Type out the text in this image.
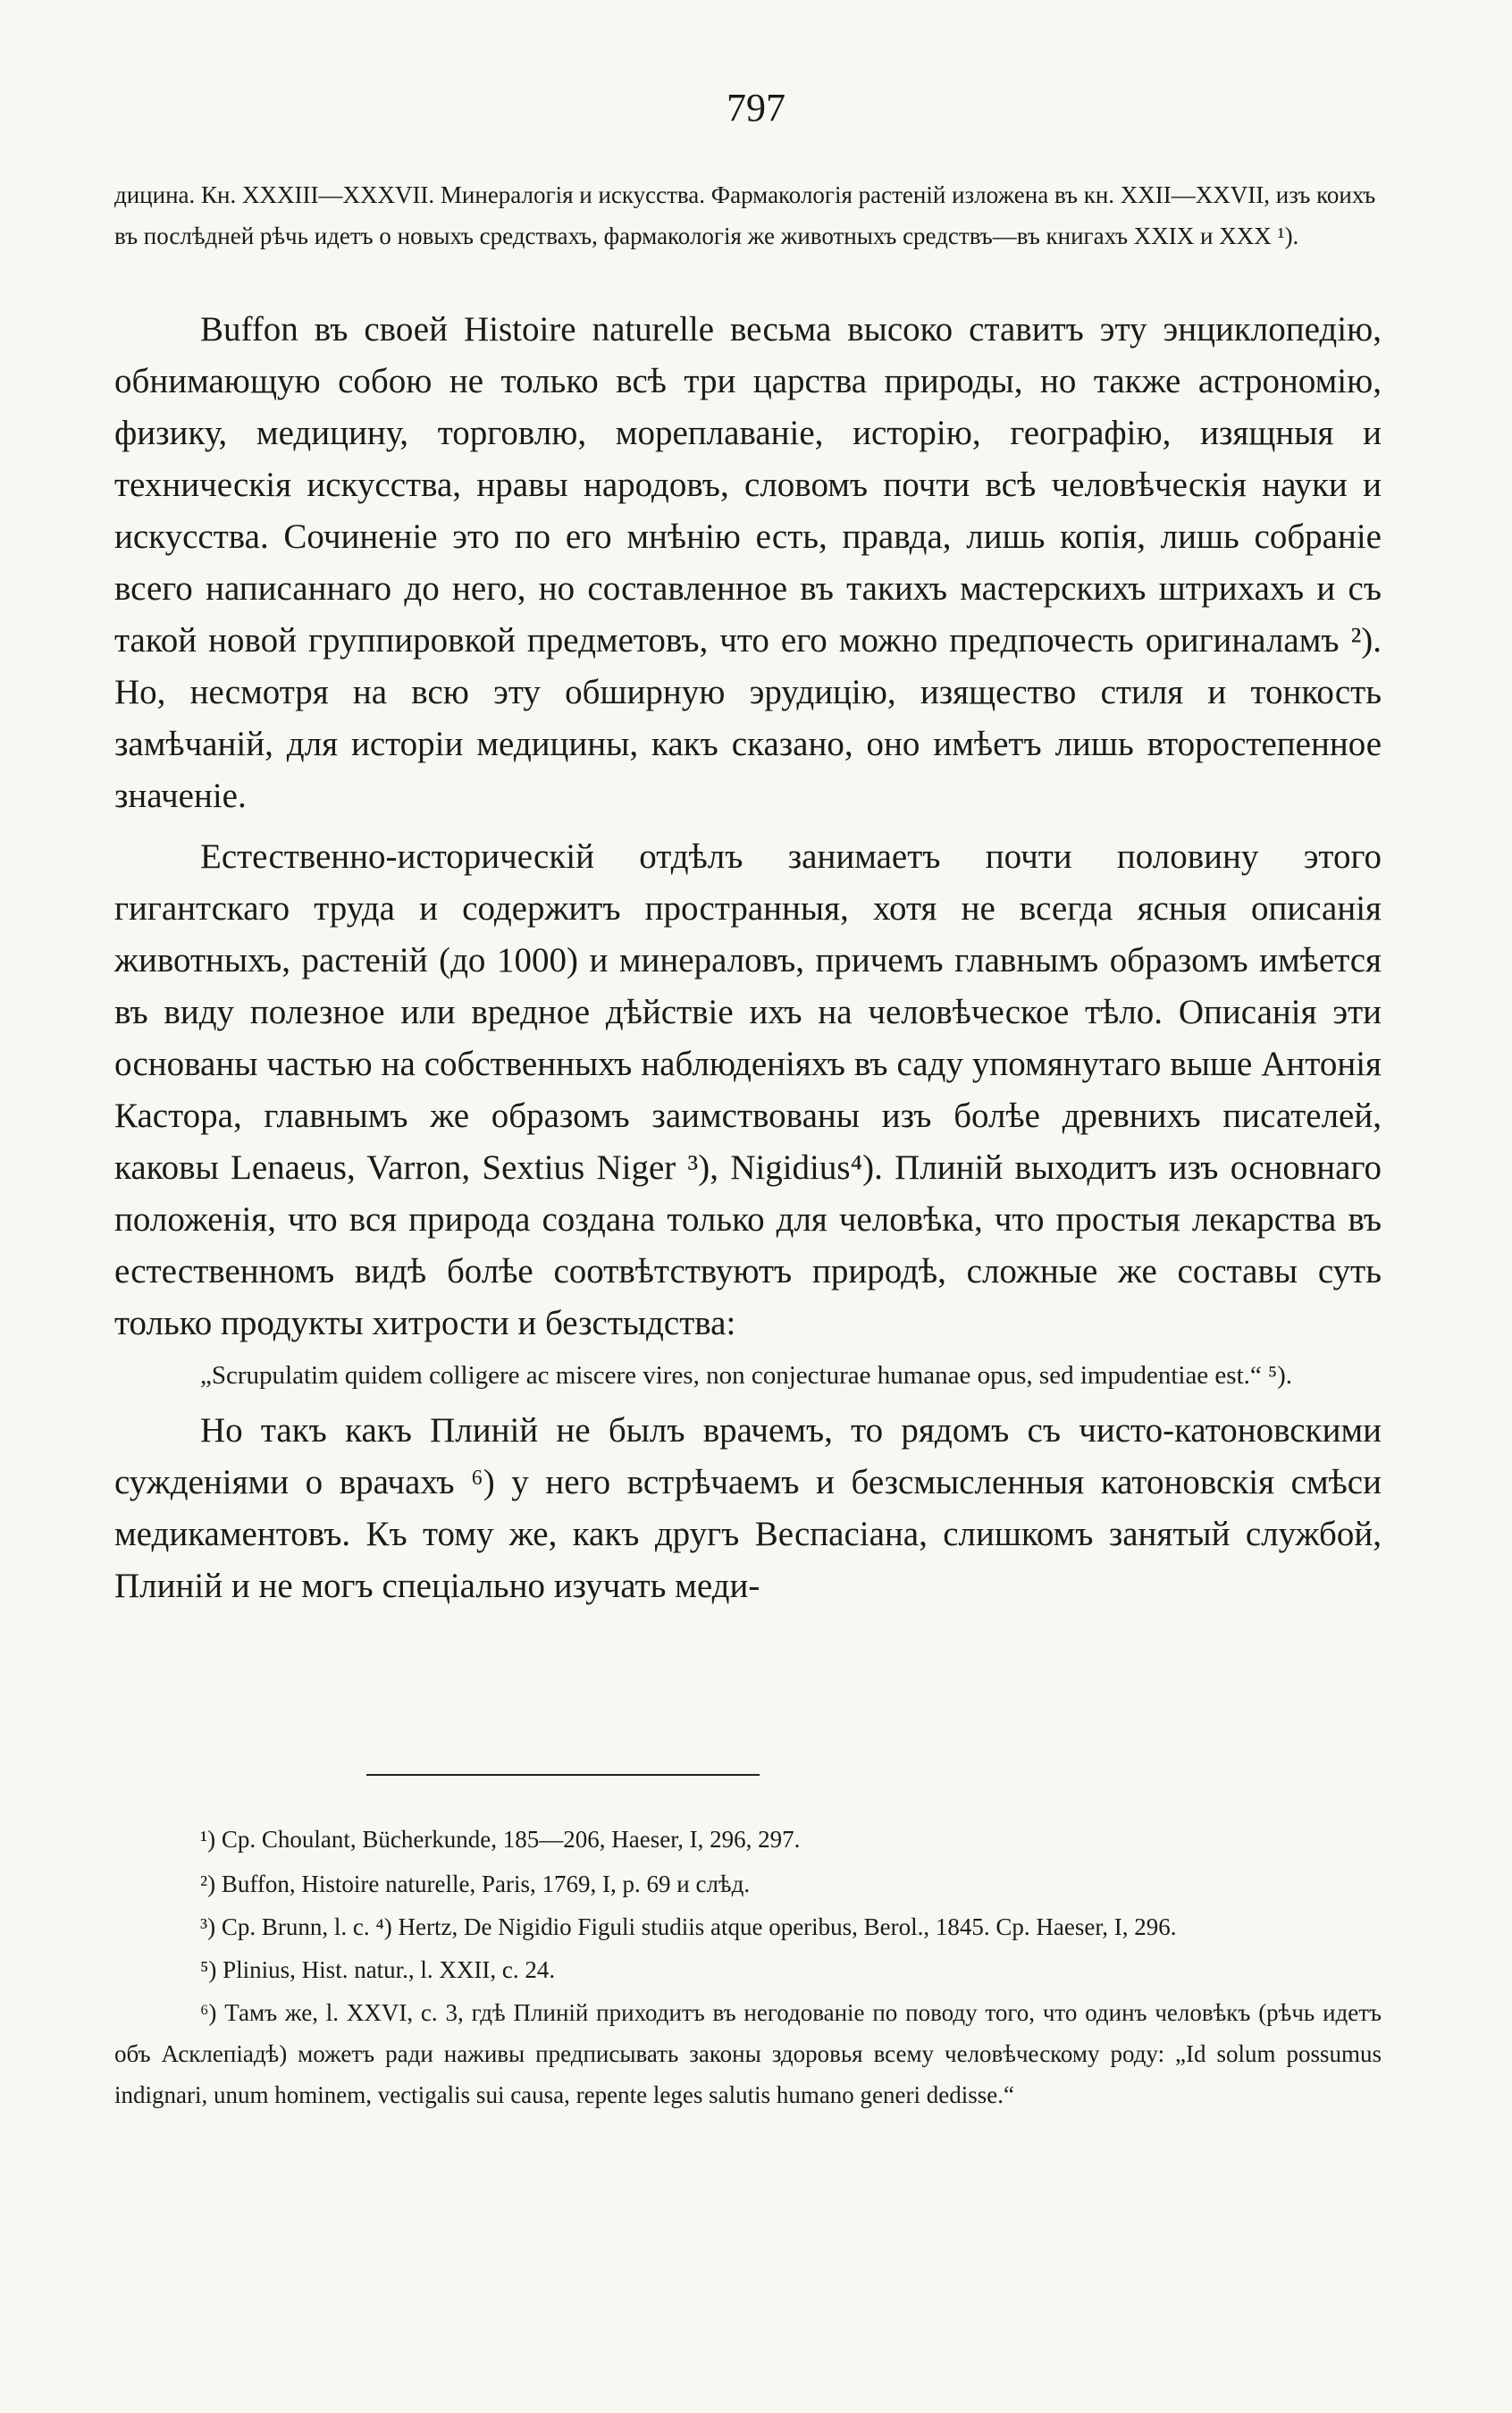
797

дицина. Кн. XXXIII—XXXVII. Минералогія и искусства. Фармакологія растеній изложена въ кн. XXII—XXVII, изъ коихъ въ послѣдней рѣчь идетъ о новыхъ средствахъ, фармакологія же животныхъ средствъ—въ книгахъ XXIX и XXX ¹).

Buffon въ своей Histoire naturelle весьма высоко ставитъ эту энциклопедію, обнимающую собою не только всѣ три царства природы, но также астрономію, физику, медицину, торговлю, мореплаваніе, исторію, географію, изящныя и техническія искусства, нравы народовъ, словомъ почти всѣ человѣческія науки и искусства. Сочиненіе это по его мнѣнію есть, правда, лишь копія, лишь собраніе всего написаннаго до него, но составленное въ такихъ мастерскихъ штрихахъ и съ такой новой группировкой предметовъ, что его можно предпочесть оригиналамъ ²). Но, несмотря на всю эту обширную эрудицію, изящество стиля и тонкость замѣчаній, для исторіи медицины, какъ сказано, оно имѣетъ лишь второстепенное значеніе.

Естественно-историческій отдѣлъ занимаетъ почти половину этого гигантскаго труда и содержитъ пространныя, хотя не всегда ясныя описанія животныхъ, растеній (до 1000) и минераловъ, причемъ главнымъ образомъ имѣется въ виду полезное или вредное дѣйствіе ихъ на человѣческое тѣло. Описанія эти основаны частью на собственныхъ наблюденіяхъ въ саду упомянутаго выше Антонія Кастора, главнымъ же образомъ заимствованы изъ болѣе древнихъ писателей, каковы Lenaeus, Varron, Sextius Niger ³), Nigidius⁴). Плиній выходитъ изъ основнаго положенія, что вся природа создана только для человѣка, что простыя лекарства въ естественномъ видѣ болѣе соотвѣтствуютъ природѣ, сложные же составы суть только продукты хитрости и безстыдства:

„Scrupulatim quidem colligere ac miscere vires, non conjecturae humanae opus, sed impudentiae est.“ ⁵).

Но такъ какъ Плиній не былъ врачемъ, то рядомъ съ чисто-катоновскими сужденіями о врачахъ ⁶) у него встрѣчаемъ и безсмысленныя катоновскія смѣси медикаментовъ. Къ тому же, какъ другъ Веспасіана, слишкомъ занятый службой, Плиній и не могъ спеціально изучать меди-

¹) Cp. Choulant, Bücherkunde, 185—206, Haeser, I, 296, 297.

²) Buffon, Histoire naturelle, Paris, 1769, I, p. 69 и слѣд.

³) Cp. Brunn, l. c. ⁴) Hertz, De Nigidio Figuli studiis atque operibus, Berol., 1845. Cp. Haeser, I, 296.

⁵) Plinius, Hist. natur., l. XXII, c. 24.

⁶) Тамъ же, l. XXVI, c. 3, гдѣ Плиній приходитъ въ негодованіе по поводу того, что одинъ человѣкъ (рѣчь идетъ объ Асклепіадѣ) можетъ ради наживы предписывать законы здоровья всему человѣческому роду: „Id solum possumus indignari, unum hominem, vectigalis sui causa, repente leges salutis humano generi dedisse.“
